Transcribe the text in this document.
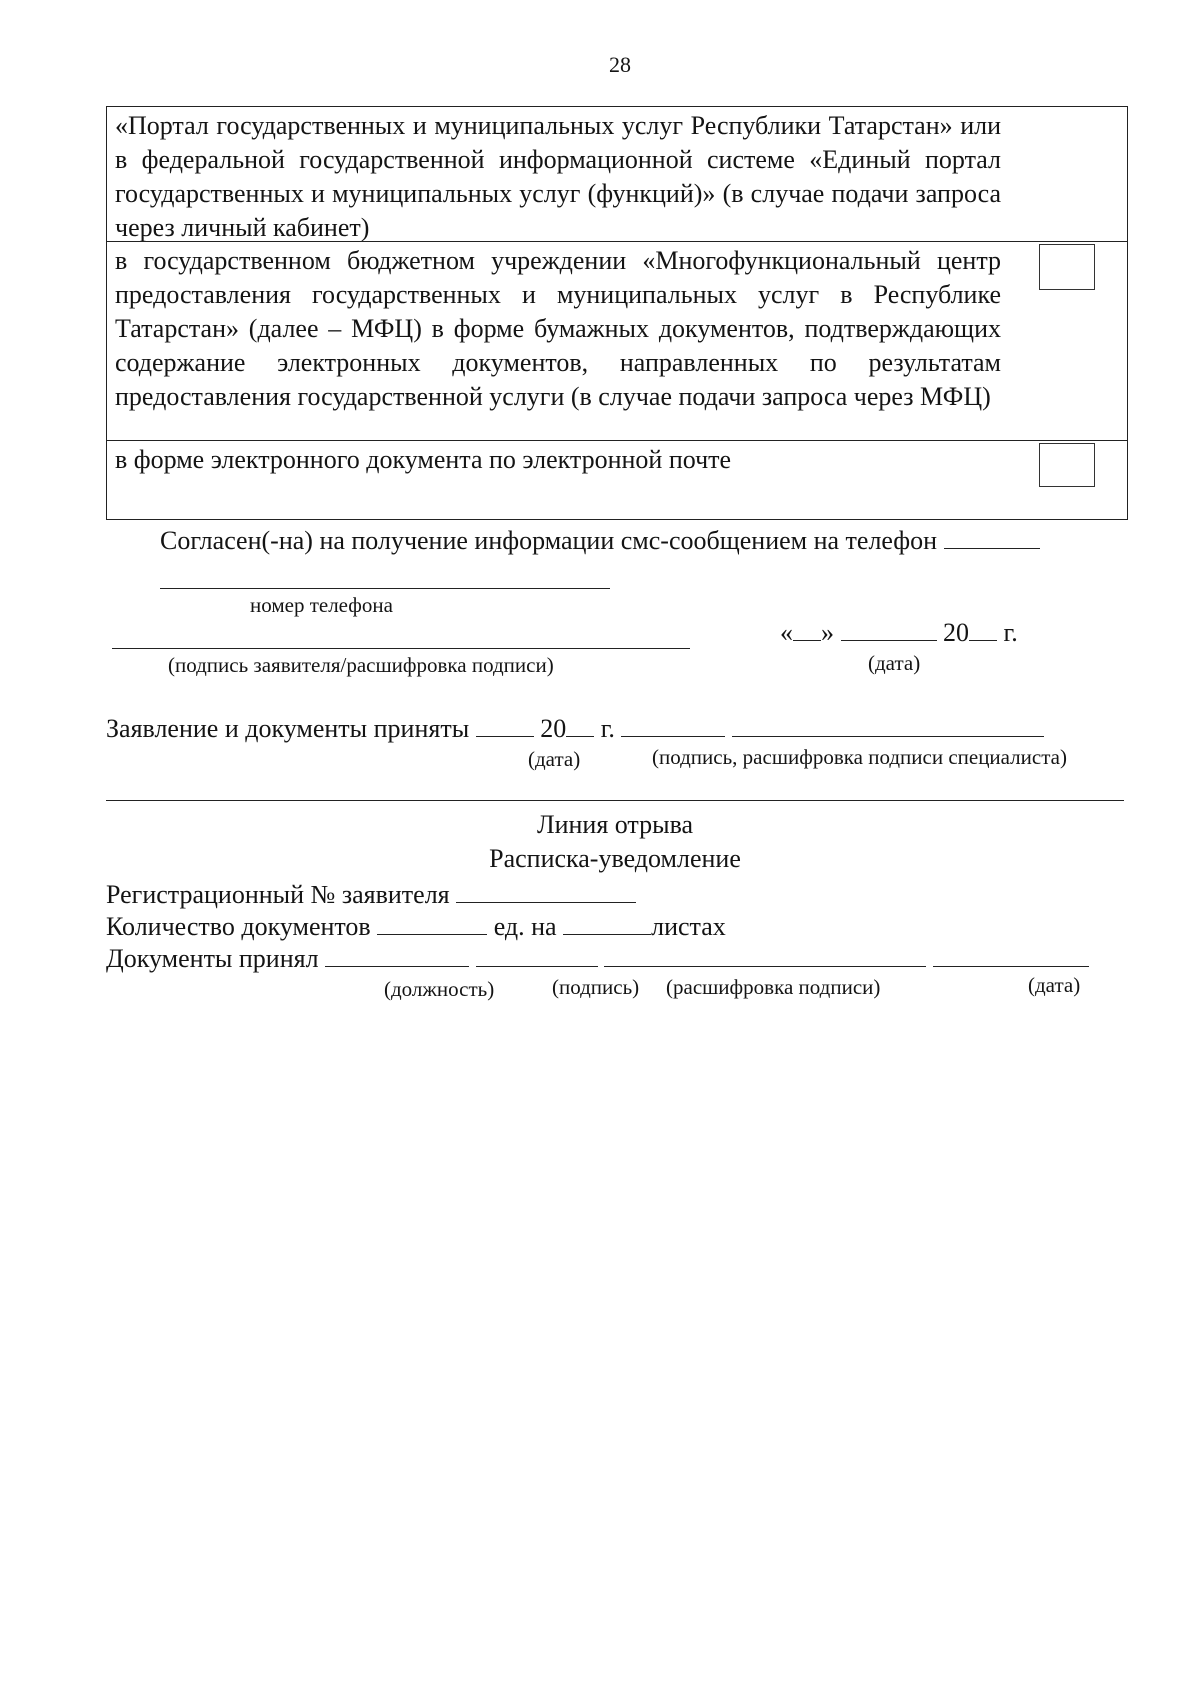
28

«Портал государственных и муниципальных услуг Республики Татарстан» или в федеральной государственной информационной системе «Единый портал государственных и муниципальных услуг (функций)» (в случае подачи запроса через личный кабинет)

в государственном бюджетном учреждении «Многофункциональный центр предоставления государственных и муниципальных услуг в Республике Татарстан» (далее – МФЦ) в форме бумажных документов, подтверждающих содержание электронных документов, направленных по результатам предоставления государственной услуги (в случае подачи запроса через МФЦ)

в форме электронного документа по электронной почте

Согласен(-на) на получение информации смс-сообщением на телефон
номер телефона
(подпись заявителя/расшифровка подписи)
« »	20 г.
(дата)
Заявление и документы приняты	20 г.
(дата)	(подпись, расшифровка подписи специалиста)
Линия отрыва
Расписка-уведомление
Регистрационный № заявителя
Количество документов	ед. на	листах
Документы принял
(должность)	(подпись) (расшифровка подписи)	(дата)
